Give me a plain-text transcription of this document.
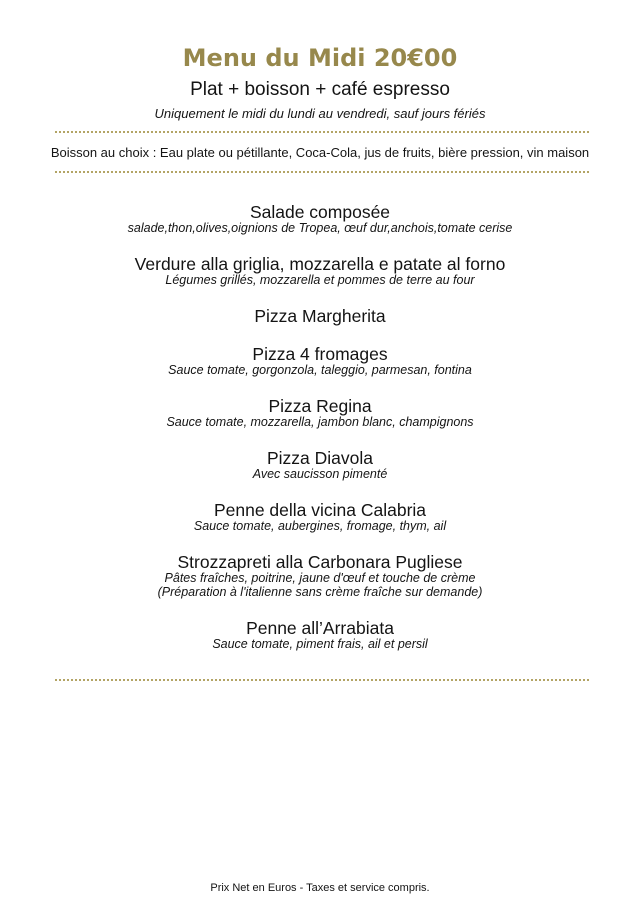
Menu du Midi 20€00
Plat + boisson + café espresso
Uniquement le midi du lundi au vendredi, sauf jours fériés
Boisson au choix : Eau plate ou pétillante, Coca-Cola, jus de fruits, bière pression, vin maison
Salade composée
salade,thon,olives,oignions de Tropea, œuf dur,anchois,tomate cerise
Verdure alla griglia, mozzarella e patate al forno
Légumes grillés, mozzarella et pommes de terre au four
Pizza Margherita
Pizza 4 fromages
Sauce tomate, gorgonzola, taleggio, parmesan, fontina
Pizza Regina
Sauce tomate, mozzarella, jambon blanc, champignons
Pizza Diavola
Avec saucisson pimenté
Penne della vicina Calabria
Sauce tomate, aubergines, fromage, thym, ail
Strozzapreti alla Carbonara Pugliese
Pâtes fraîches, poitrine, jaune d'œuf et touche de crème
(Préparation à l'italienne sans crème fraîche sur demande)
Penne all’Arrabiata
Sauce tomate, piment frais, ail et persil
Prix Net en Euros - Taxes et service compris.
